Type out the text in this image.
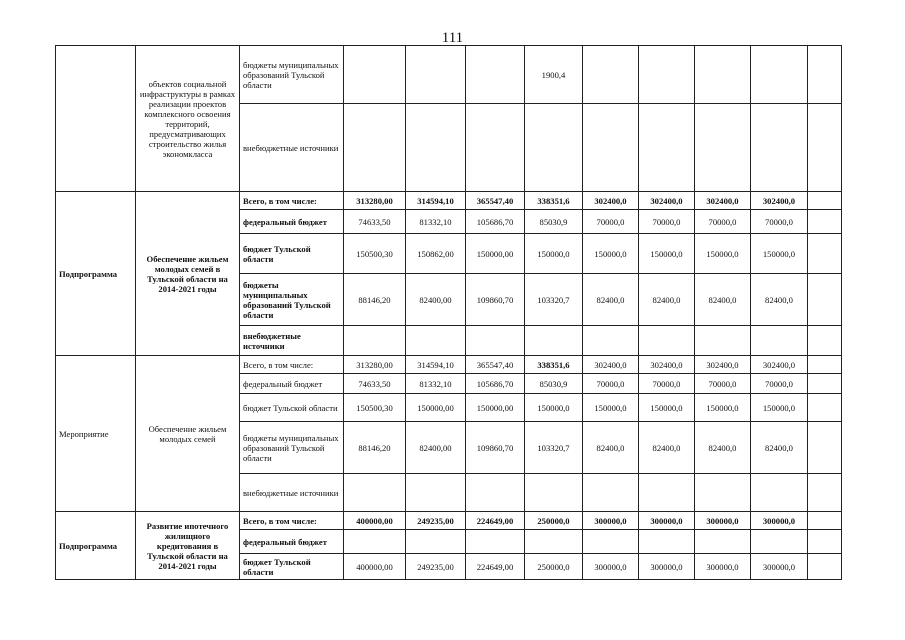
111
	объектов социальной инфраструктуры в рамках реализации проектов комплексного освоения территорий, предусматривающих строительство жилья экономкласса	бюджеты муниципальных образований Тульской области				1900,4					
		внебюджетные источники									
Подпрограмма	Обеспечение жильем молодых семей в Тульской области на 2014-2021 годы	Всего, в том числе:	313280,00	314594,10	365547,40	338351,6	302400,0	302400,0	302400,0	302400,0	
		федеральный бюджет	74633,50	81332,10	105686,70	85030,9	70000,0	70000,0	70000,0	70000,0	
		бюджет Тульской области	150500,30	150862,00	150000,00	150000,0	150000,0	150000,0	150000,0	150000,0	
		бюджеты муниципальных образований Тульской области	88146,20	82400,00	109860,70	103320,7	82400,0	82400,0	82400,0	82400,0	
		внебюджетные источники									
Мероприятие	Обеспечение жильем молодых семей	Всего, в том числе:	313280,00	314594,10	365547,40	338351,6	302400,0	302400,0	302400,0	302400,0	
		федеральный бюджет	74633,50	81332,10	105686,70	85030,9	70000,0	70000,0	70000,0	70000,0	
		бюджет Тульской области	150500,30	150000,00	150000,00	150000,0	150000,0	150000,0	150000,0	150000,0	
		бюджеты муниципальных образований Тульской области	88146,20	82400,00	109860,70	103320,7	82400,0	82400,0	82400,0	82400,0	
		внебюджетные источники									
Подпрограмма	Развитие ипотечного жилищного кредитования в Тульской области на 2014-2021 годы	Всего, в том числе:	400000,00	249235,00	224649,00	250000,0	300000,0	300000,0	300000,0	300000,0	
		федеральный бюджет									
		бюджет Тульской области	400000,00	249235,00	224649,00	250000,0	300000,0	300000,0	300000,0	300000,0	
